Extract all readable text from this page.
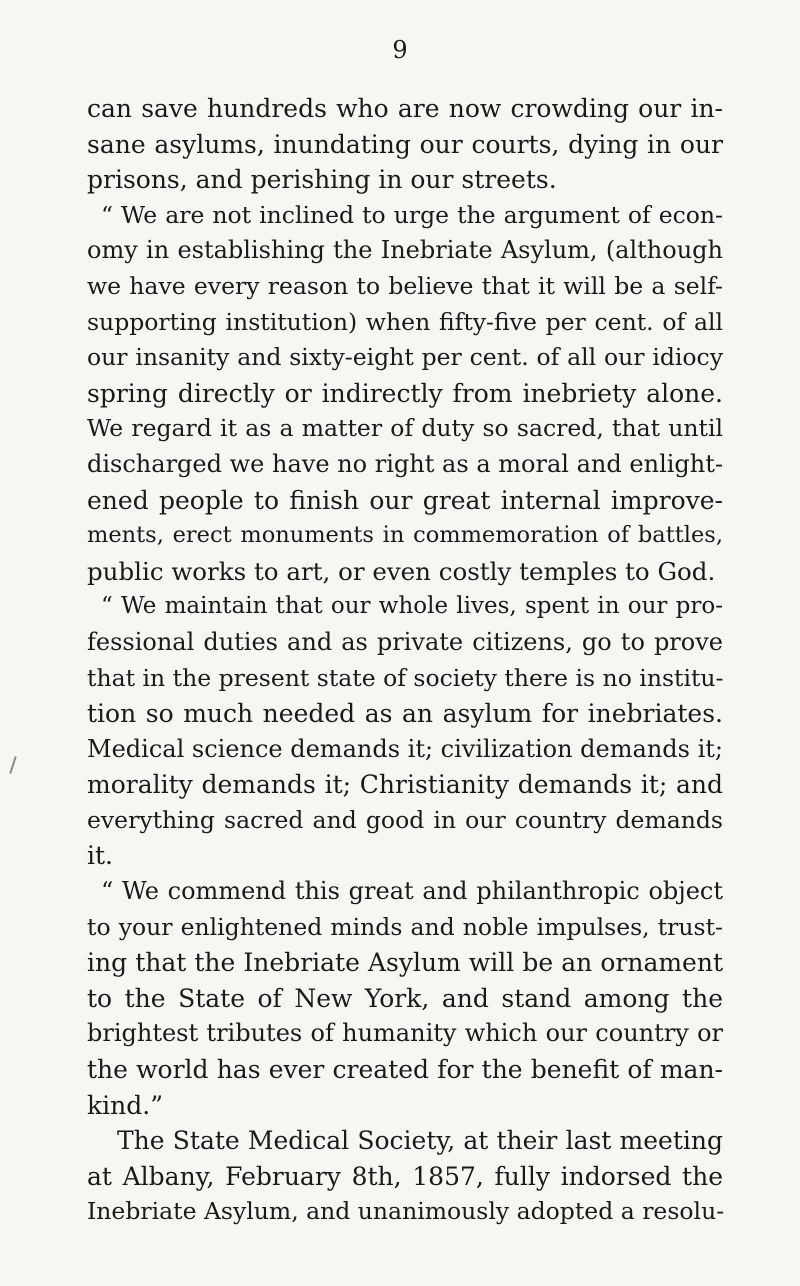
9
can save hundreds who are now crowding our in-
sane asylums, inundating our courts, dying in our
prisons, and perishing in our streets.
“ We are not inclined to urge the argument of econ-
omy in establishing the Inebriate Asylum, (although
we have every reason to believe that it will be a self-
supporting institution) when fifty-five per cent. of all
our insanity and sixty-eight per cent. of all our idiocy
spring directly or indirectly from inebriety alone.
We regard it as a matter of duty so sacred, that until
discharged we have no right as a moral and enlight-
ened people to finish our great internal improve-
ments, erect monuments in commemoration of battles,
public works to art, or even costly temples to God.
“ We maintain that our whole lives, spent in our pro-
fessional duties and as private citizens, go to prove
that in the present state of society there is no institu-
tion so much needed as an asylum for inebriates.
Medical science demands it; civilization demands it;
morality demands it; Christianity demands it; and
everything sacred and good in our country demands
it.
“ We commend this great and philanthropic object
to your enlightened minds and noble impulses, trust-
ing that the Inebriate Asylum will be an ornament
to the State of New York, and stand among the
brightest tributes of humanity which our country or
the world has ever created for the benefit of man-
kind.”
The State Medical Society, at their last meeting
at Albany, February 8th, 1857, fully indorsed the
Inebriate Asylum, and unanimously adopted a resolu-
